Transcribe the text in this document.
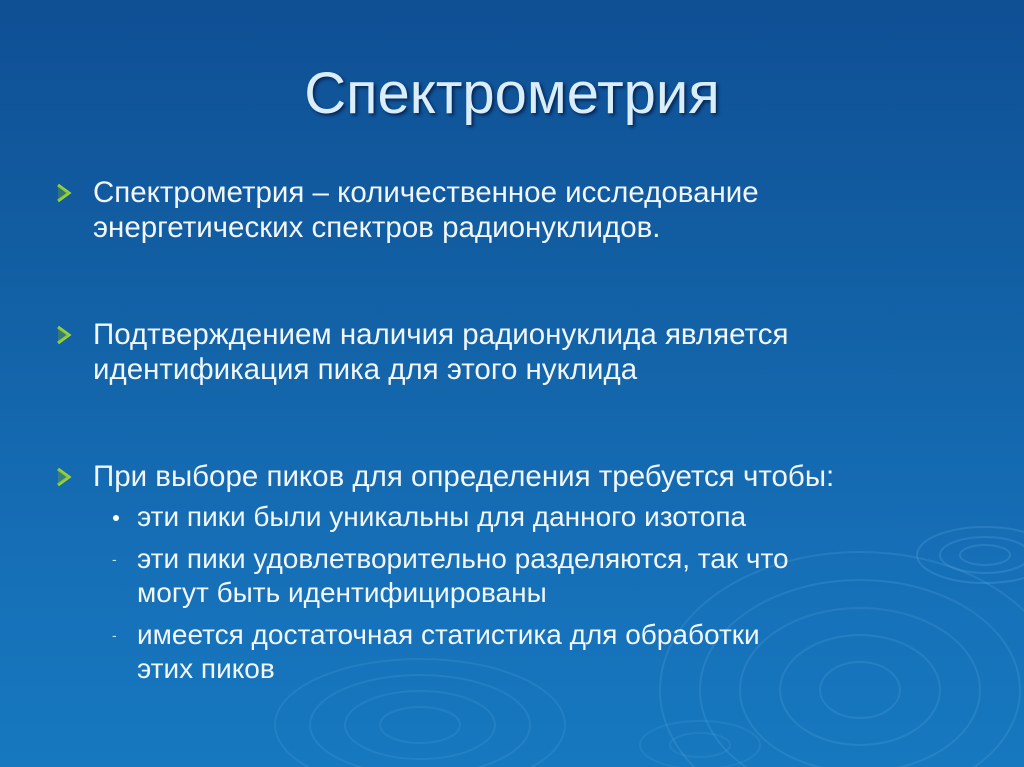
Спектрометрия
Спектрометрия – количественное исследование
энергетических спектров радионуклидов.
Подтверждением наличия радионуклида является
идентификация пика для этого нуклида
При выборе пиков для определения требуется чтобы:
эти пики были уникальны для данного изотопа
- эти пики удовлетворительно разделяются, так что
могут быть идентифицированы
- имеется достаточная статистика для обработки
этих пиков
